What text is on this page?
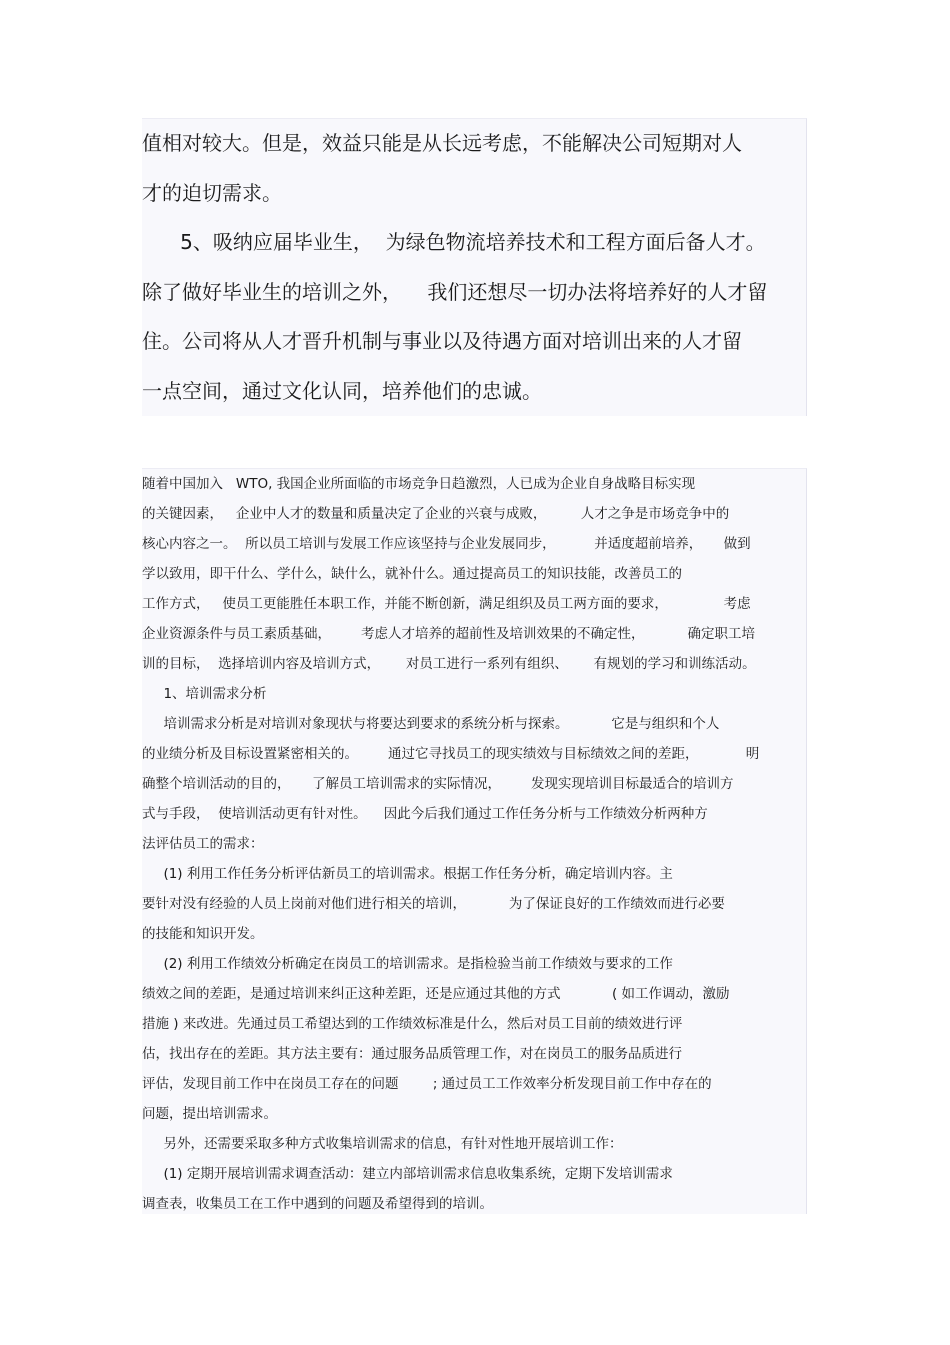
值相对较大。但是，效益只能是从长远考虑，不能解决公司短期对人
才的迫切需求。
5、吸纳应届毕业生，  为绿色物流培养技术和工程方面后备人才。
除了做好毕业生的培训之外，    我们还想尽一切办法将培养好的人才留
住。公司将从人才晋升机制与事业以及待遇方面对培训出来的人才留
一点空间，通过文化认同，培养他们的忠诚。
随着中国加入   WTO, 我国企业所面临的市场竞争日趋激烈，人已成为企业自身战略目标实现
的关键因素，   企业中人才的数量和质量决定了企业的兴衰与成败，        人才之争是市场竞争中的
核心内容之一。  所以员工培训与发展工作应该坚持与企业发展同步，         并适度超前培养，     做到
学以致用，即干什么、学什么，缺什么，就补什么。通过提高员工的知识技能，改善员工的
工作方式，   使员工更能胜任本职工作，并能不断创新，满足组织及员工两方面的要求，             考虑
企业资源条件与员工素质基础，       考虑人才培养的超前性及培训效果的不确定性，          确定职工培
训的目标，  选择培训内容及培训方式，      对员工进行一系列有组织、      有规划的学习和训练活动。
1、培训需求分析
培训需求分析是对培训对象现状与将要达到要求的系统分析与探索。          它是与组织和个人
的业绩分析及目标设置紧密相关的。       通过它寻找员工的现实绩效与目标绩效之间的差距，           明
确整个培训活动的目的，     了解员工培训需求的实际情况，       发现实现培训目标最适合的培训方
式与手段，  使培训活动更有针对性。    因此今后我们通过工作任务分析与工作绩效分析两种方
法评估员工的需求：
(1) 利用工作任务分析评估新员工的培训需求。根据工作任务分析，确定培训内容。主
要针对没有经验的人员上岗前对他们进行相关的培训，          为了保证良好的工作绩效而进行必要
的技能和知识开发。
(2) 利用工作绩效分析确定在岗员工的培训需求。是指检验当前工作绩效与要求的工作
绩效之间的差距，是通过培训来纠正这种差距，还是应通过其他的方式            ( 如工作调动，激励
措施 ) 来改进。先通过员工希望达到的工作绩效标准是什么，然后对员工目前的绩效进行评
估，找出存在的差距。其方法主要有：通过服务品质管理工作，对在岗员工的服务品质进行
评估，发现目前工作中在岗员工存在的问题        ; 通过员工工作效率分析发现目前工作中存在的
问题，提出培训需求。
另外，还需要采取多种方式收集培训需求的信息，有针对性地开展培训工作：
(1) 定期开展培训需求调查活动：建立内部培训需求信息收集系统，定期下发培训需求
调查表，收集员工在工作中遇到的问题及希望得到的培训。
